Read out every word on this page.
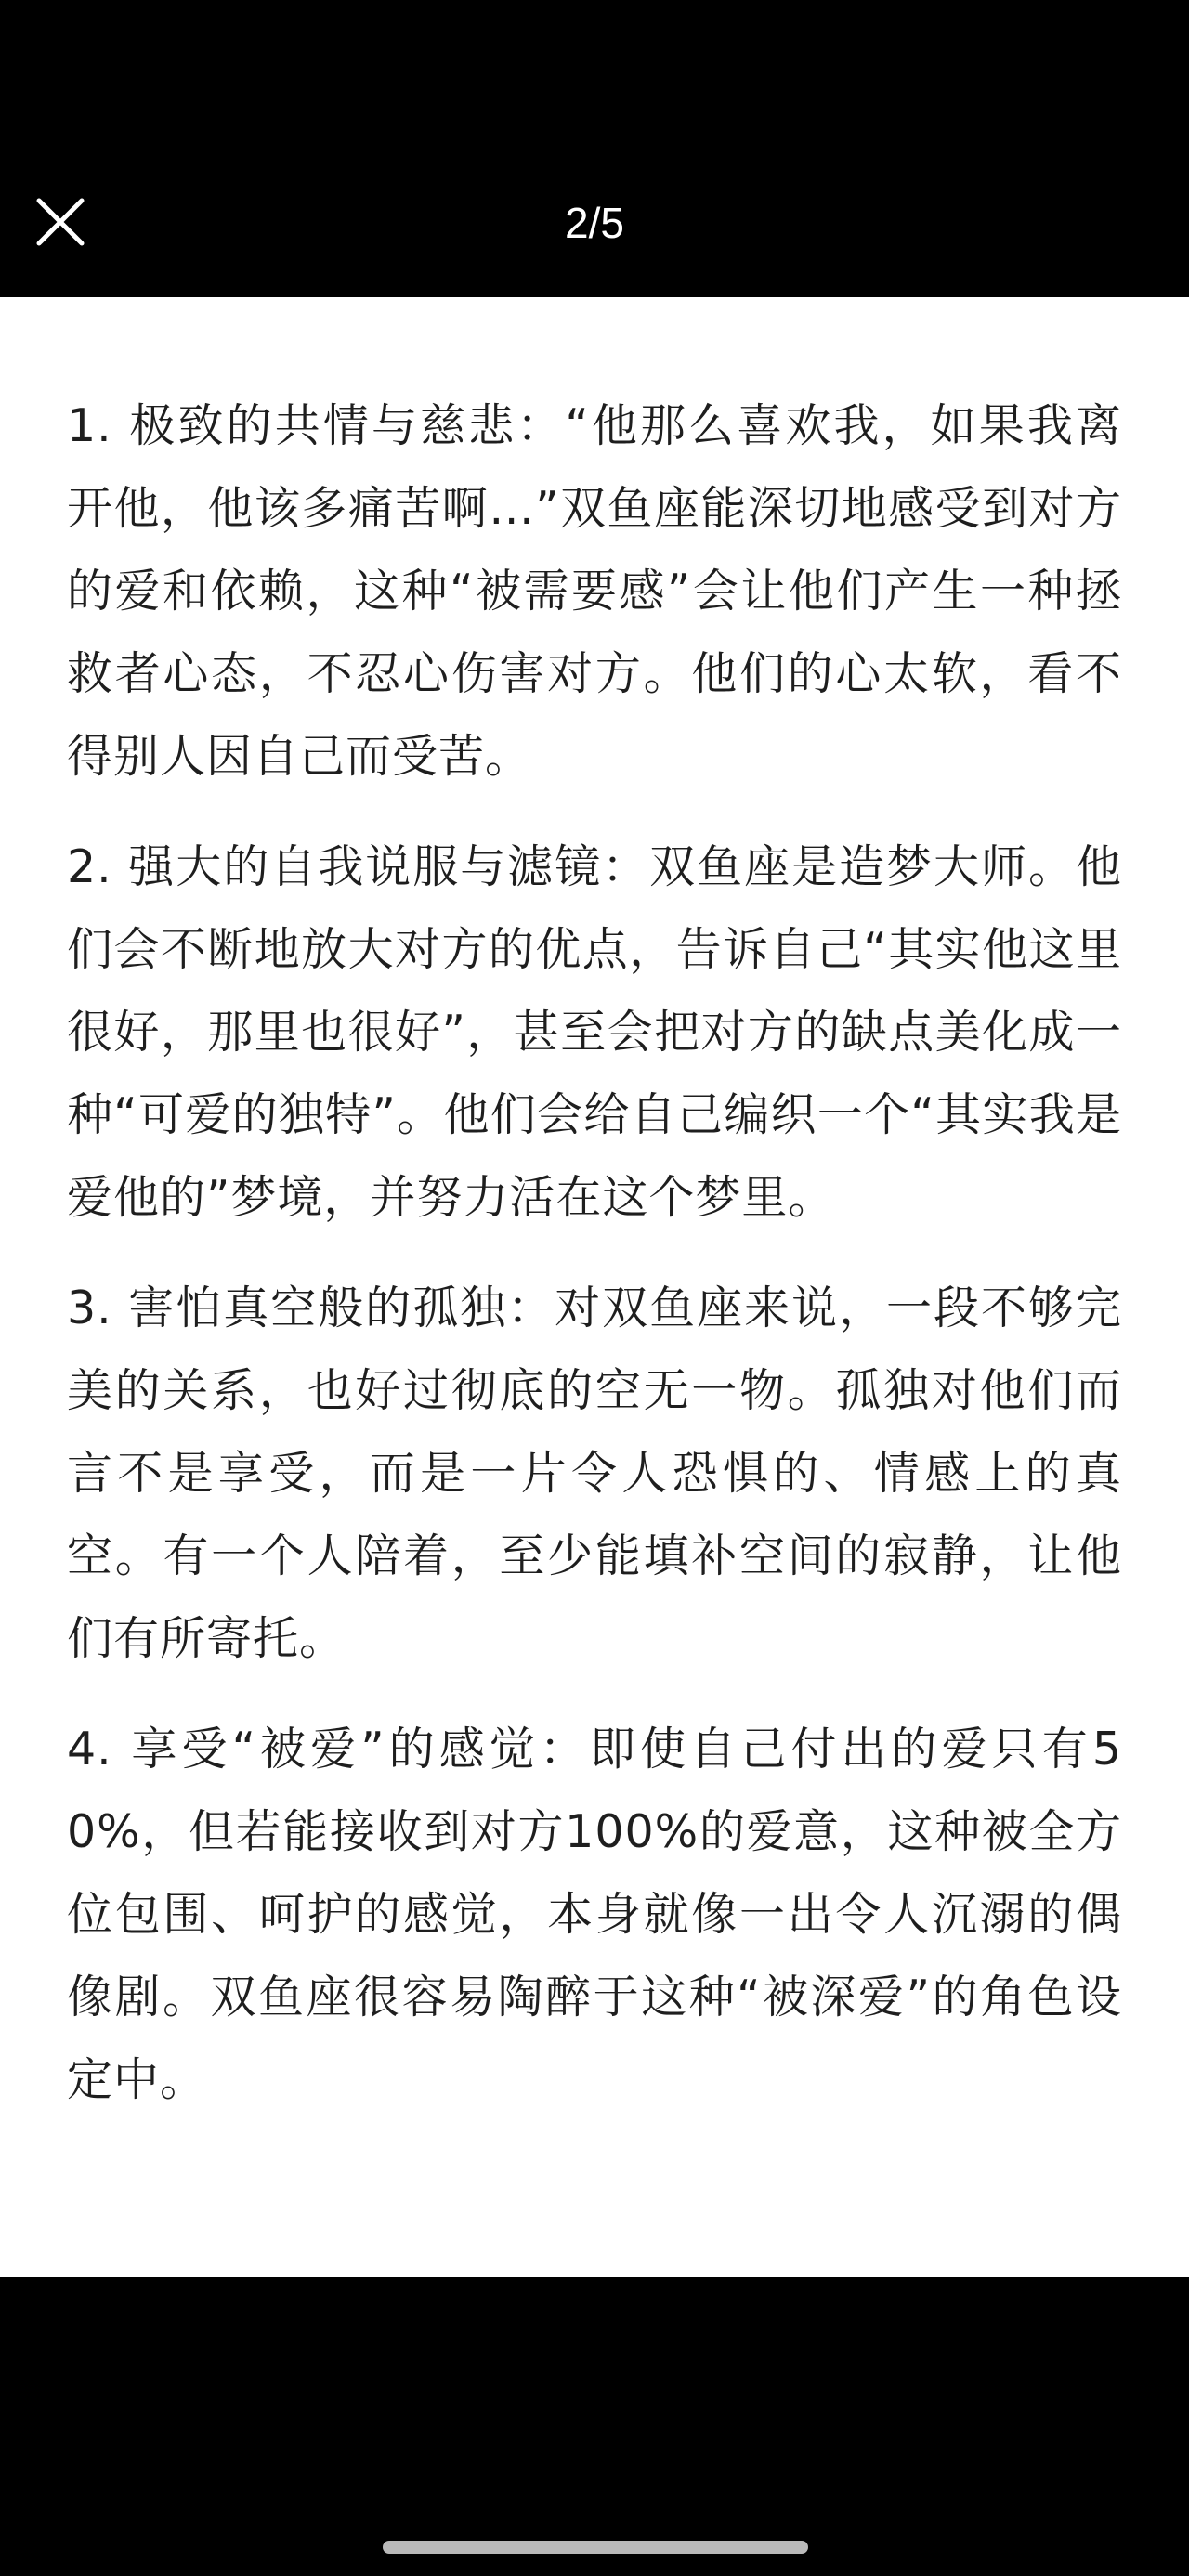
2/5

1. 极致的共情与慈悲：“他那么喜欢我，如果我离开他，他该多痛苦啊…”双鱼座能深切地感受到对方的爱和依赖，这种“被需要感”会让他们产生一种拯救者心态，不忍心伤害对方。他们的心太软，看不得别人因自己而受苦。

2. 强大的自我说服与滤镜：双鱼座是造梦大师。他们会不断地放大对方的优点，告诉自己“其实他这里很好，那里也很好”，甚至会把对方的缺点美化成一种“可爱的独特”。他们会给自己编织一个“其实我是爱他的”梦境，并努力活在这个梦里。

3. 害怕真空般的孤独：对双鱼座来说，一段不够完美的关系，也好过彻底的空无一物。孤独对他们而言不是享受，而是一片令人恐惧的、情感上的真空。有一个人陪着，至少能填补空间的寂静，让他们有所寄托。

4. 享受“被爱”的感觉：即使自己付出的爱只有50%，但若能接收到对方100%的爱意，这种被全方位包围、呵护的感觉，本身就像一出令人沉溺的偶像剧。双鱼座很容易陶醉于这种“被深爱”的角色设定中。
